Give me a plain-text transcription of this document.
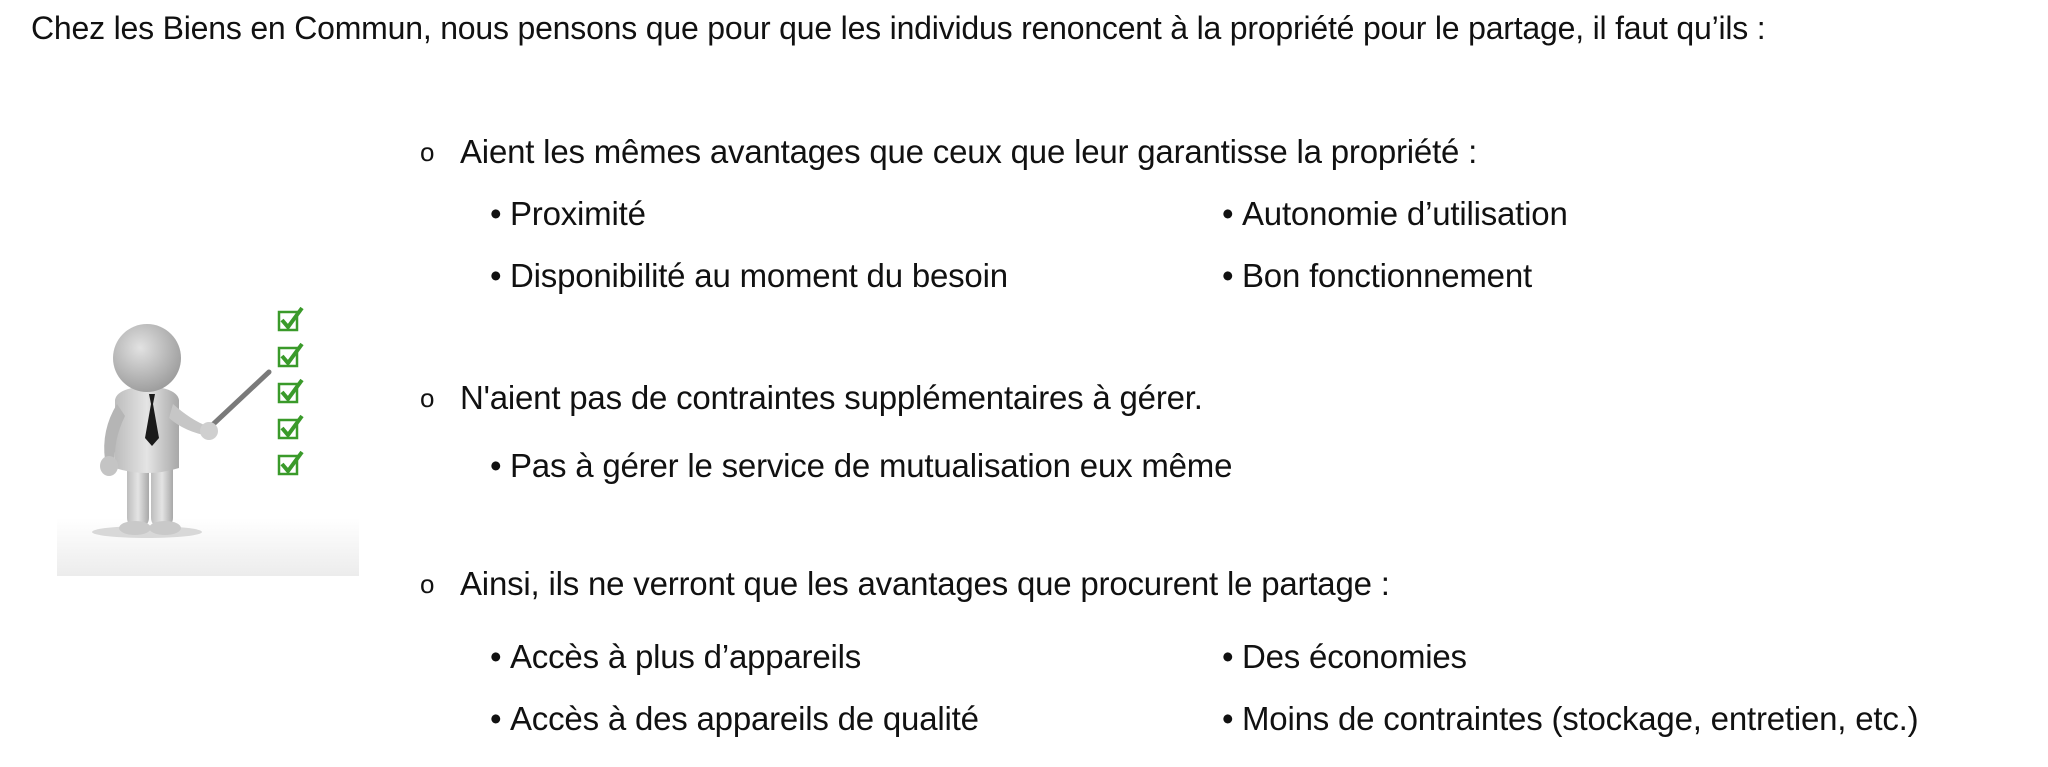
Chez les Biens en Commun, nous pensons que pour que les individus renoncent à la propriété pour le partage, il faut qu’ils :
o Aient les mêmes avantages que ceux que leur garantisse la propriété :
• Proximité	• Autonomie d’utilisation
• Disponibilité au moment du besoin	• Bon fonctionnement
o N'aient pas de contraintes supplémentaires à gérer.
• Pas à gérer le service de mutualisation eux même
o Ainsi, ils ne verront que les avantages que procurent le partage :
• Accès à plus d’appareils	• Des économies
• Accès à des appareils de qualité	• Moins de contraintes (stockage, entretien, etc.)
